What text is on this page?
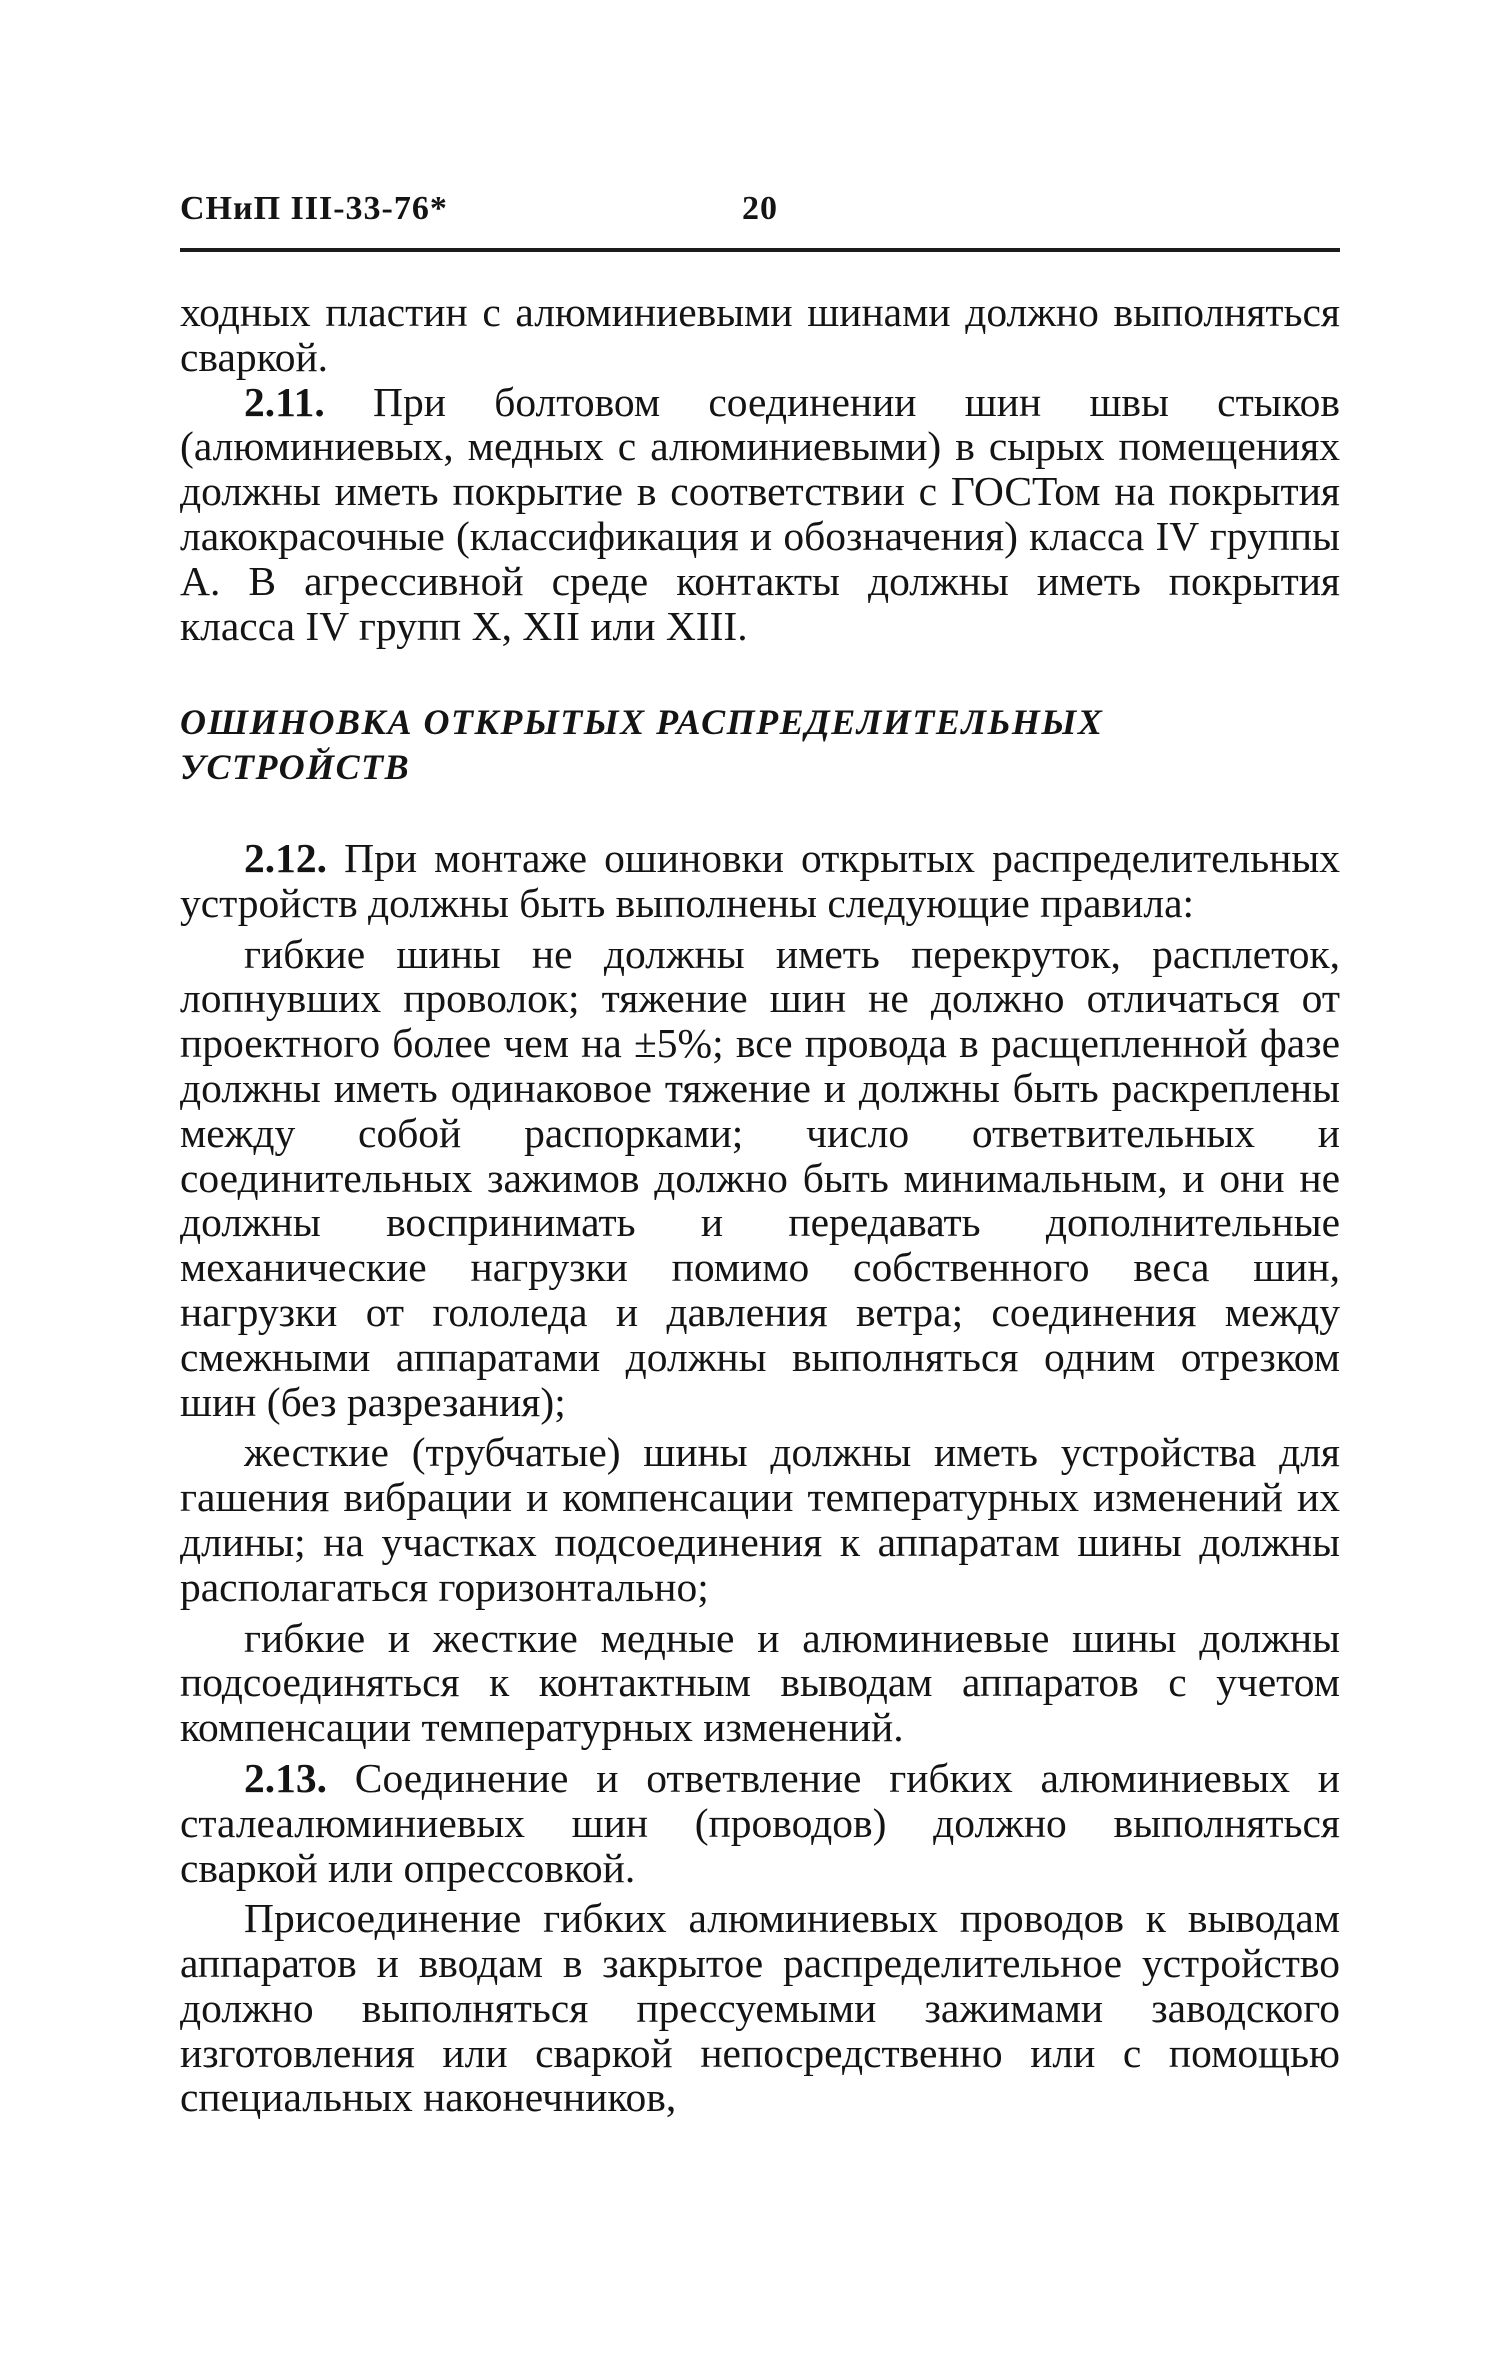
СНиП III-33-76*	20

ходных пластин с алюминиевыми шинами должно выполняться сваркой.

2.11. При болтовом соединении шин швы стыков (алюминиевых, медных с алюминиевыми) в сырых помещениях должны иметь покрытие в соответствии с ГОСТом на покрытия лакокрасочные (классификация и обозначения) класса IV группы А. В агрессивной среде контакты должны иметь покрытия класса IV групп X, XII или XIII.

ОШИНОВКА ОТКРЫТЫХ РАСПРЕДЕЛИТЕЛЬНЫХ УСТРОЙСТВ

2.12. При монтаже ошиновки открытых распределительных устройств должны быть выполнены следующие правила:

гибкие шины не должны иметь перекруток, расплеток, лопнувших проволок; тяжение шин не должно отличаться от проектного более чем на ±5%; все провода в расщепленной фазе должны иметь одинаковое тяжение и должны быть раскреплены между собой распорками; число ответвительных и соединительных зажимов должно быть минимальным, и они не должны воспринимать и передавать дополнительные механические нагрузки помимо собственного веса шин, нагрузки от гололеда и давления ветра; соединения между смежными аппаратами должны выполняться одним отрезком шин (без разрезания);

жесткие (трубчатые) шины должны иметь устройства для гашения вибрации и компенсации температурных изменений их длины; на участках подсоединения к аппаратам шины должны располагаться горизонтально;

гибкие и жесткие медные и алюминиевые шины должны подсоединяться к контактным выводам аппаратов с учетом компенсации температурных изменений.

2.13. Соединение и ответвление гибких алюминиевых и сталеалюминиевых шин (проводов) должно выполняться сваркой или опрессовкой.

Присоединение гибких алюминиевых проводов к выводам аппаратов и вводам в закрытое распределительное устройство должно выполняться прессуемыми зажимами заводского изготовления или сваркой непосредственно или с помощью специальных наконечников,
